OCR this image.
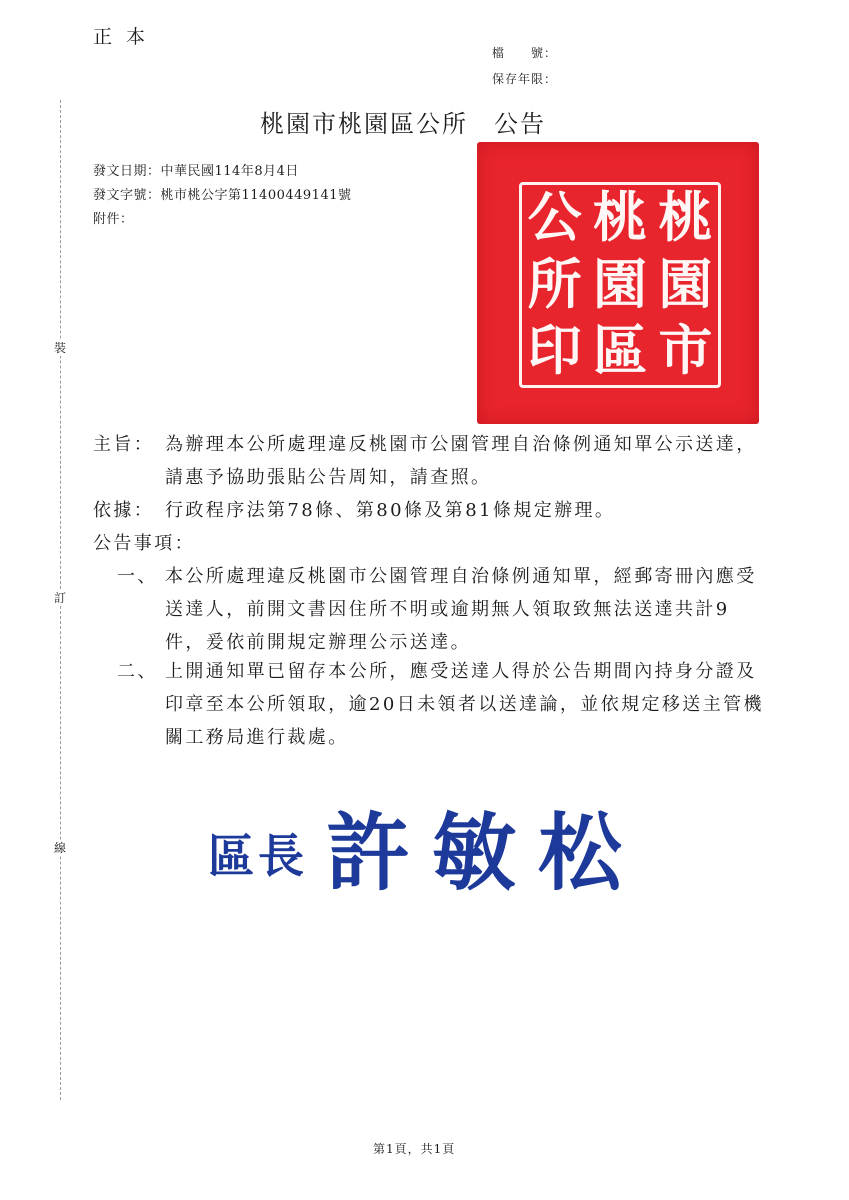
正本
檔　　號：
保存年限：
裝
訂
線
桃園市桃園區公所　公告
發文日期：中華民國114年8月4日
發文字號：桃市桃公字第11400449141號
附件：	桃
園
市
桃
園
區
公
所
印
主旨： 為辦理本公所處理違反桃園市公園管理自治條例通知單公示送達，請惠予協助張貼公告周知，請查照。
依據： 行政程序法第78條、第80條及第81條規定辦理。
公告事項：
一、 本公所處理違反桃園市公園管理自治條例通知單，經郵寄冊內應受送達人，前開文書因住所不明或逾期無人領取致無法送達共計9件，爰依前開規定辦理公示送達。
二、 上開通知單已留存本公所，應受送達人得於公告期間內持身分證及印章至本公所領取，逾20日未領者以送達論，並依規定移送主管機關工務局進行裁處。
區長 許敏松
第1頁，共1頁
